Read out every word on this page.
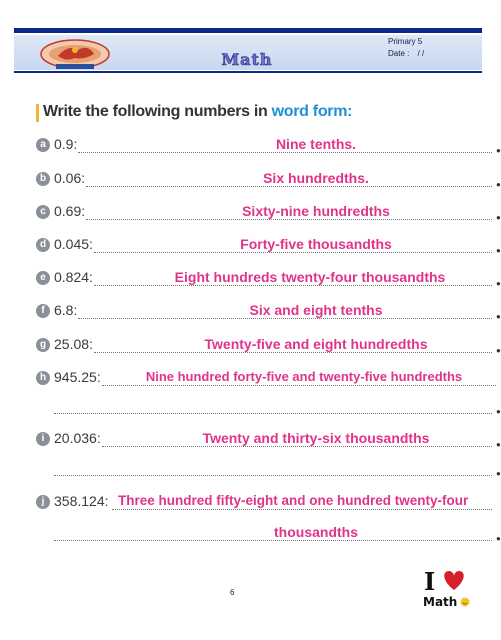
Math
Primary 5
Date : / /
Write the following numbers in word form:
a 0.9:	Nine tenths.	●
b 0.06:	Six hundredths.	●
c 0.69:	Sixty-nine hundredths	●
d 0.045:	Forty-five thousandths	●
e 0.824:	Eight hundreds twenty-four thousandths	●
f 6.8:	Six and eight tenths	●
g 25.08:	Twenty-five and eight hundredths	●
h 945.25:	Nine hundred forty-five and twenty-five hundredths
●
i 20.036:	Twenty and thirty-six thousandths	●
●
j 358.124: Three hundred fifty-eight and one hundred twenty-four
thousandths	●
6	I
Math
